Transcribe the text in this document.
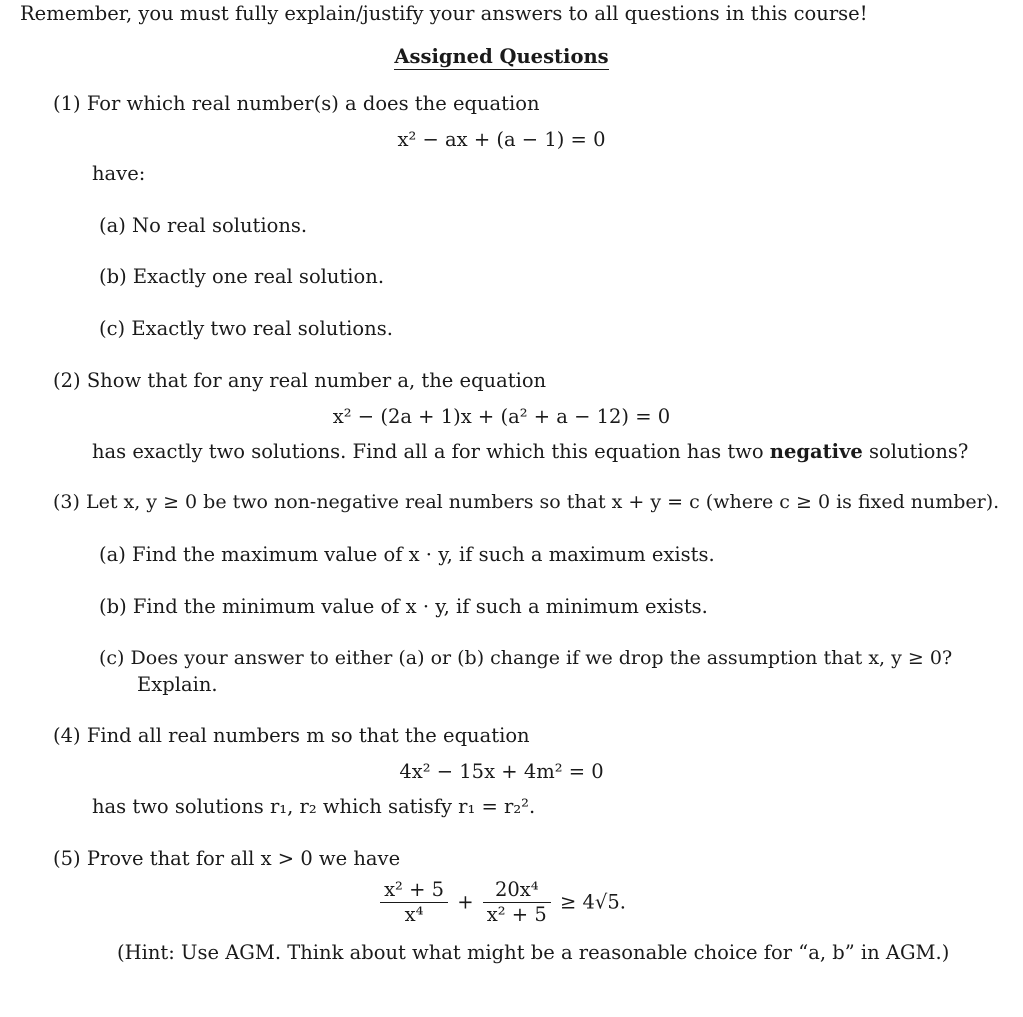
Remember, you must fully explain/justify your answers to all questions in this course!
Assigned Questions
(1) For which real number(s) a does the equation
x² − ax + (a − 1) = 0
have:
(a) No real solutions.
(b) Exactly one real solution.
(c) Exactly two real solutions.
(2) Show that for any real number a, the equation
x² − (2a + 1)x + (a² + a − 12) = 0
has exactly two solutions. Find all a for which this equation has two negative solutions?
(3) Let x, y ≥ 0 be two non-negative real numbers so that x + y = c (where c ≥ 0 is fixed number).
(a) Find the maximum value of x · y, if such a maximum exists.
(b) Find the minimum value of x · y, if such a minimum exists.
(c) Does your answer to either (a) or (b) change if we drop the assumption that x, y ≥ 0?
Explain.
(4) Find all real numbers m so that the equation
4x² − 15x + 4m² = 0
has two solutions r₁, r₂ which satisfy r₁ = r₂².
(5) Prove that for all x > 0 we have
$\frac{\text{x² + 5}}{\text{x⁴}} + \frac{\text{20x⁴}}{\text{x² + 5}} \ge 4√5$.
(Hint: Use AGM. Think about what might be a reasonable choice for “a, b” in AGM.)
